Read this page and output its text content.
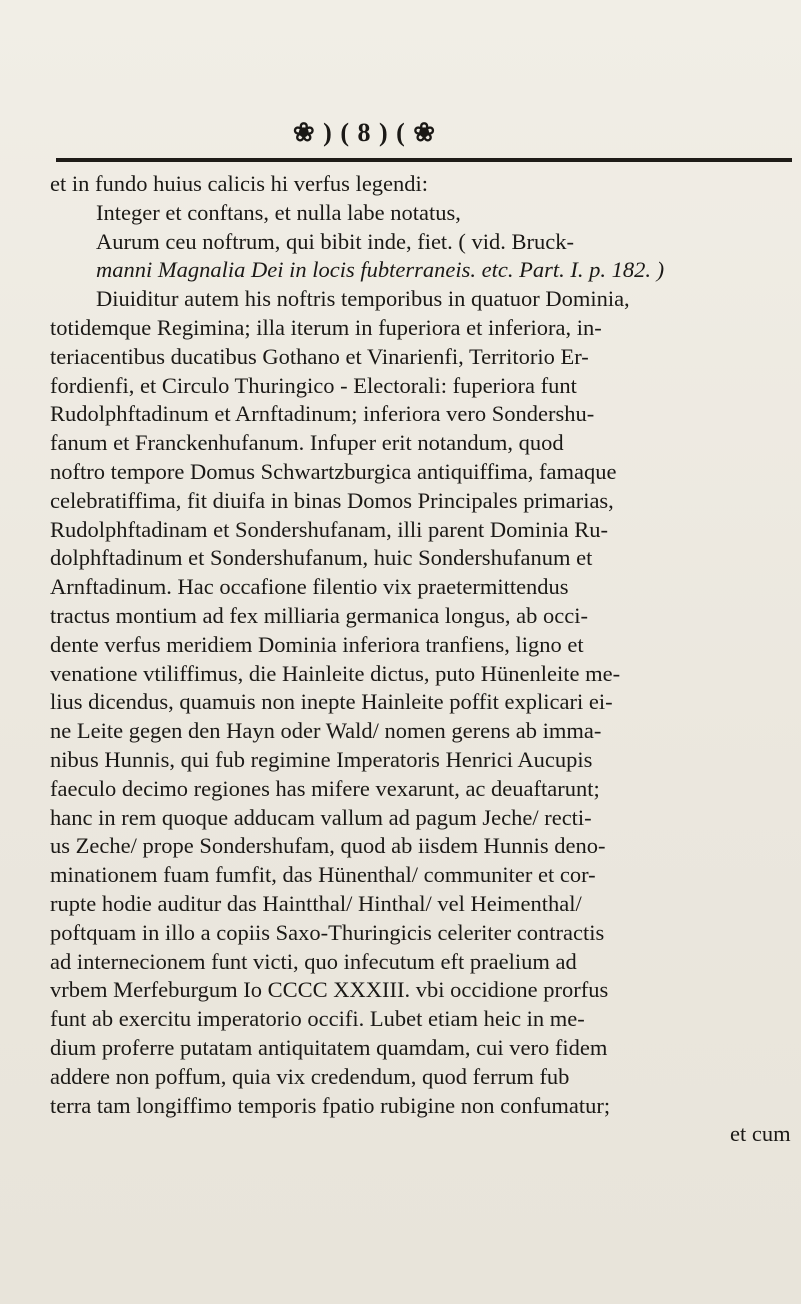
❀ ) ( 8 ) ( ❀
et in fundo huius calicis hi verfus legendi:
Integer et conftans, et nulla labe notatus,
Aurum ceu noftrum, qui bibit inde, fiet. ( vid. Bruck-
manni Magnalia Dei in locis fubterraneis. etc. Part. I. p. 182. )
Diuiditur autem his noftris temporibus in quatuor Dominia,
totidemque Regimina; illa iterum in fuperiora et inferiora, in-
teriacentibus ducatibus Gothano et Vinarienfi, Territorio Er-
fordienfi, et Circulo Thuringico - Electorali: fuperiora funt
Rudolphftadinum et Arnftadinum; inferiora vero Sondershu-
fanum et Franckenhufanum. Infuper erit notandum, quod
noftro tempore Domus Schwartzburgica antiquiffima, famaque
celebratiffima, fit diuifa in binas Domos Principales primarias,
Rudolphftadinam et Sondershufanam, illi parent Dominia Ru-
dolphftadinum et Sondershufanum, huic Sondershufanum et
Arnftadinum. Hac occafione filentio vix praetermittendus
tractus montium ad fex milliaria germanica longus, ab occi-
dente verfus meridiem Dominia inferiora tranfiens, ligno et
venatione vtiliffimus, die Hainleite dictus, puto Hünenleite me-
lius dicendus, quamuis non inepte Hainleite poffit explicari ei-
ne Leite gegen den Hayn oder Wald/ nomen gerens ab imma-
nibus Hunnis, qui fub regimine Imperatoris Henrici Aucupis
faeculo decimo regiones has mifere vexarunt, ac deuaftarunt;
hanc in rem quoque adducam vallum ad pagum Jeche/ recti-
us Zeche/ prope Sondershufam, quod ab iisdem Hunnis deno-
minationem fuam fumfit, das Hünenthal/ communiter et cor-
rupte hodie auditur das Haintthal/ Hinthal/ vel Heimenthal/
poftquam in illo a copiis Saxo-Thuringicis celeriter contractis
ad internecionem funt victi, quo infecutum eft praelium ad
vrbem Merfeburgum Io CCCC XXXIII. vbi occidione prorfus
funt ab exercitu imperatorio occifi. Lubet etiam heic in me-
dium proferre putatam antiquitatem quamdam, cui vero fidem
addere non poffum, quia vix credendum, quod ferrum fub
terra tam longiffimo temporis fpatio rubigine non confumatur;
et cum
